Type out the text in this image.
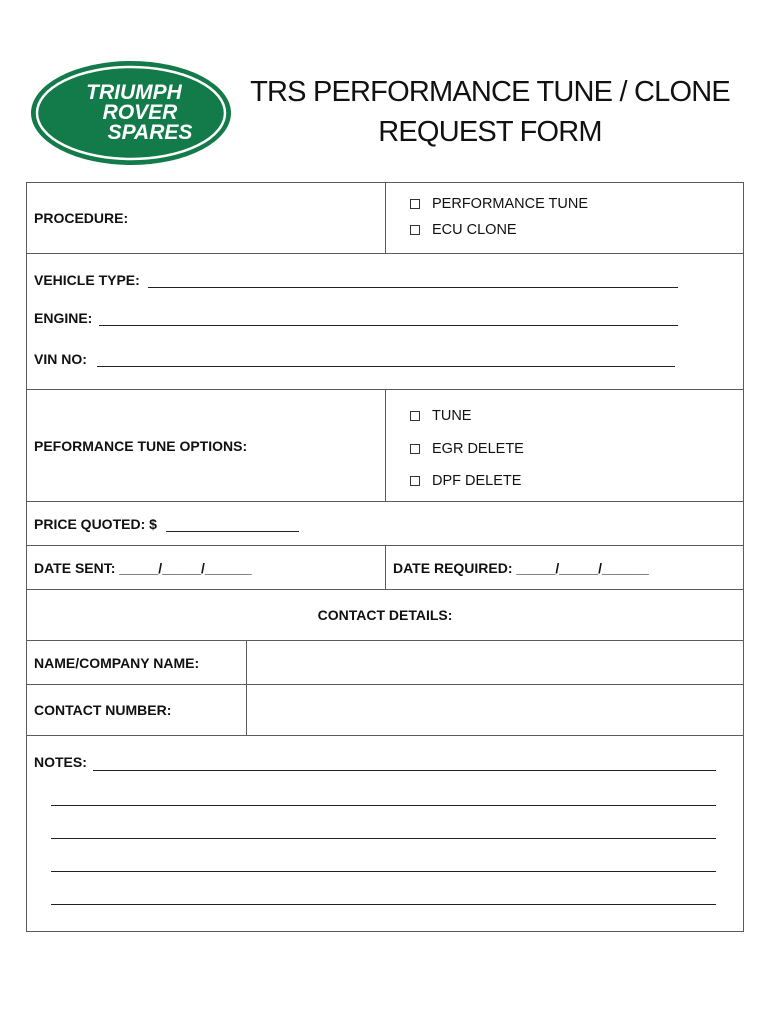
TRIUMPH
ROVER
SPARES
TRS PERFORMANCE TUNE / CLONE
REQUEST FORM
PROCEDURE:
PERFORMANCE TUNE
ECU CLONE
VEHICLE TYPE:
ENGINE:
VIN NO:
PEFORMANCE TUNE OPTIONS:
TUNE
EGR DELETE
DPF DELETE
PRICE QUOTED: $
DATE SENT: _____/_____/______	DATE REQUIRED: _____/_____/______
CONTACT DETAILS:
NAME/COMPANY NAME:
CONTACT NUMBER:
NOTES:
